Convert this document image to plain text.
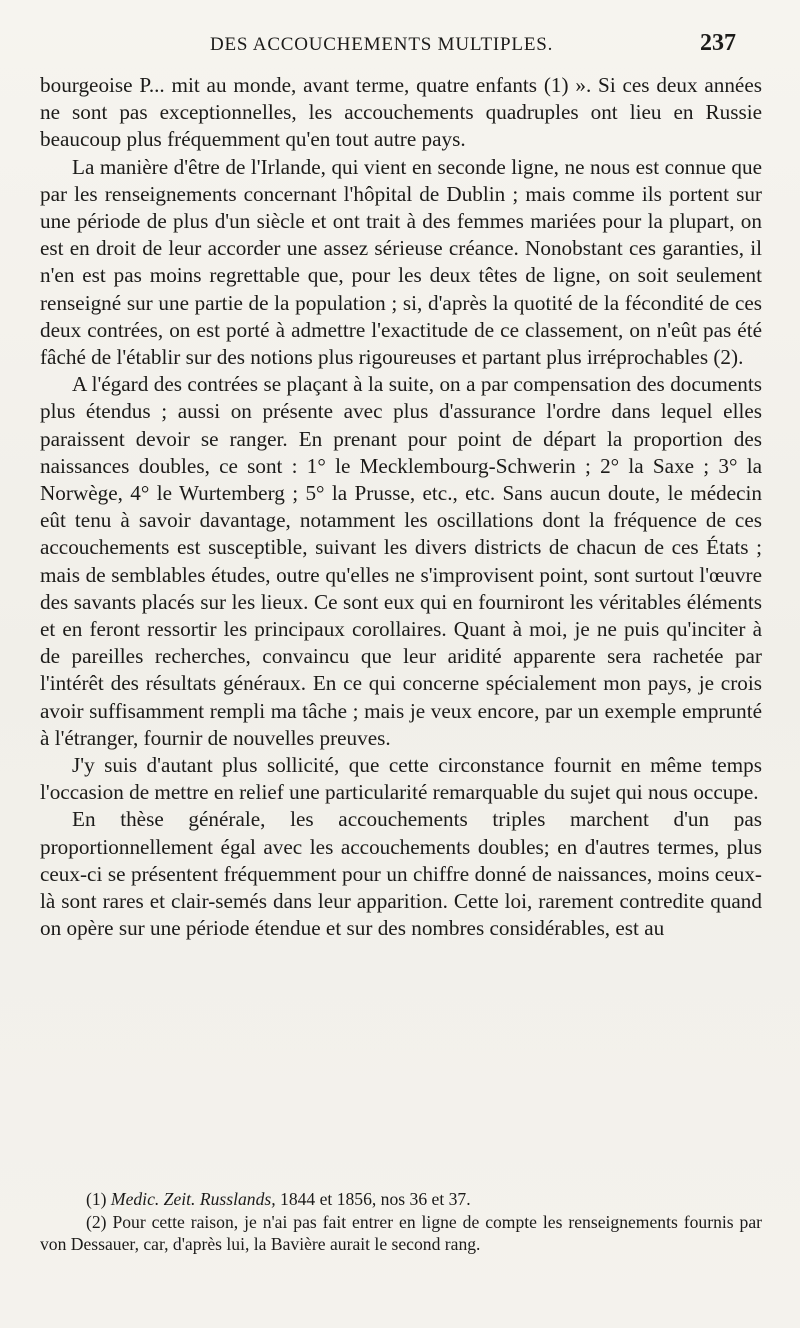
DES ACCOUCHEMENTS MULTIPLES.	237

bourgeoise P... mit au monde, avant terme, quatre enfants (1) ». Si ces deux années ne sont pas exceptionnelles, les accouchements quadruples ont lieu en Russie beaucoup plus fréquemment qu'en tout autre pays.

La manière d'être de l'Irlande, qui vient en seconde ligne, ne nous est connue que par les renseignements concernant l'hôpital de Dublin ; mais comme ils portent sur une période de plus d'un siècle et ont trait à des femmes mariées pour la plupart, on est en droit de leur accorder une assez sérieuse créance. Nonobstant ces garanties, il n'en est pas moins regrettable que, pour les deux têtes de ligne, on soit seulement renseigné sur une partie de la population ; si, d'après la quotité de la fécondité de ces deux contrées, on est porté à admettre l'exactitude de ce classement, on n'eût pas été fâché de l'établir sur des notions plus rigoureuses et partant plus irréprochables (2).

A l'égard des contrées se plaçant à la suite, on a par compensation des documents plus étendus ; aussi on présente avec plus d'assurance l'ordre dans lequel elles paraissent devoir se ranger. En prenant pour point de départ la proportion des naissances doubles, ce sont : 1° le Mecklembourg-Schwerin ; 2° la Saxe ; 3° la Norwège, 4° le Wurtemberg ; 5° la Prusse, etc., etc. Sans aucun doute, le médecin eût tenu à savoir davantage, notamment les oscillations dont la fréquence de ces accouchements est susceptible, suivant les divers districts de chacun de ces États ; mais de semblables études, outre qu'elles ne s'improvisent point, sont surtout l'œuvre des savants placés sur les lieux. Ce sont eux qui en fourniront les véritables éléments et en feront ressortir les principaux corollaires. Quant à moi, je ne puis qu'inciter à de pareilles recherches, convaincu que leur aridité apparente sera rachetée par l'intérêt des résultats généraux. En ce qui concerne spécialement mon pays, je crois avoir suffisamment rempli ma tâche ; mais je veux encore, par un exemple emprunté à l'étranger, fournir de nouvelles preuves.

J'y suis d'autant plus sollicité, que cette circonstance fournit en même temps l'occasion de mettre en relief une particularité remarquable du sujet qui nous occupe.

En thèse générale, les accouchements triples marchent d'un pas proportionnellement égal avec les accouchements doubles; en d'autres termes, plus ceux-ci se présentent fréquemment pour un chiffre donné de naissances, moins ceux-là sont rares et clair-semés dans leur apparition. Cette loi, rarement contredite quand on opère sur une période étendue et sur des nombres considérables, est au

(1) Medic. Zeit. Russlands, 1844 et 1856, nos 36 et 37.

(2) Pour cette raison, je n'ai pas fait entrer en ligne de compte les renseignements fournis par von Dessauer, car, d'après lui, la Bavière aurait le second rang.
